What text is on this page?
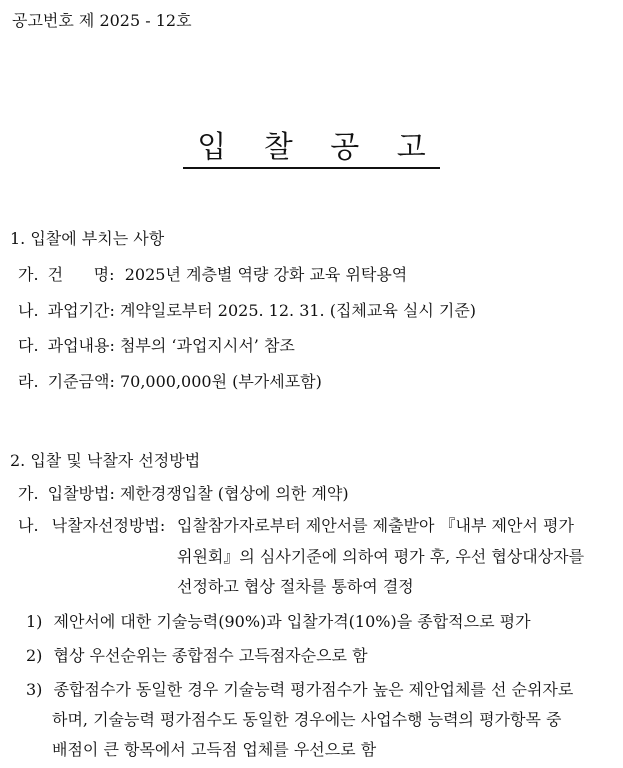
공고번호 제 2025 - 12호
입 찰 공 고
1. 입찰에 부치는 사항
가. 건      명: 2025년 계층별 역량 강화 교육 위탁용역
나. 과업기간: 계약일로부터 2025. 12. 31. (집체교육 실시 기준)
다. 과업내용: 첨부의 ‘과업지시서’ 참조
라. 기준금액: 70,000,000원 (부가세포함)
2. 입찰 및 낙찰자 선정방법
가. 입찰방법: 제한경쟁입찰 (협상에 의한 계약)
나. 낙찰자선정방법: 입찰참가자로부터 제안서를 제출받아 『내부 제안서 평가
위원회』의 심사기준에 의하여 평가 후, 우선 협상대상자를
선정하고 협상 절차를 통하여 결정
1) 제안서에 대한 기술능력(90%)과 입찰가격(10%)을 종합적으로 평가
2) 협상 우선순위는 종합점수 고득점자순으로 함
3) 종합점수가 동일한 경우 기술능력 평가점수가 높은 제안업체를 선 순위자로
하며, 기술능력 평가점수도 동일한 경우에는 사업수행 능력의 평가항목 중
배점이 큰 항목에서 고득점 업체를 우선으로 함
